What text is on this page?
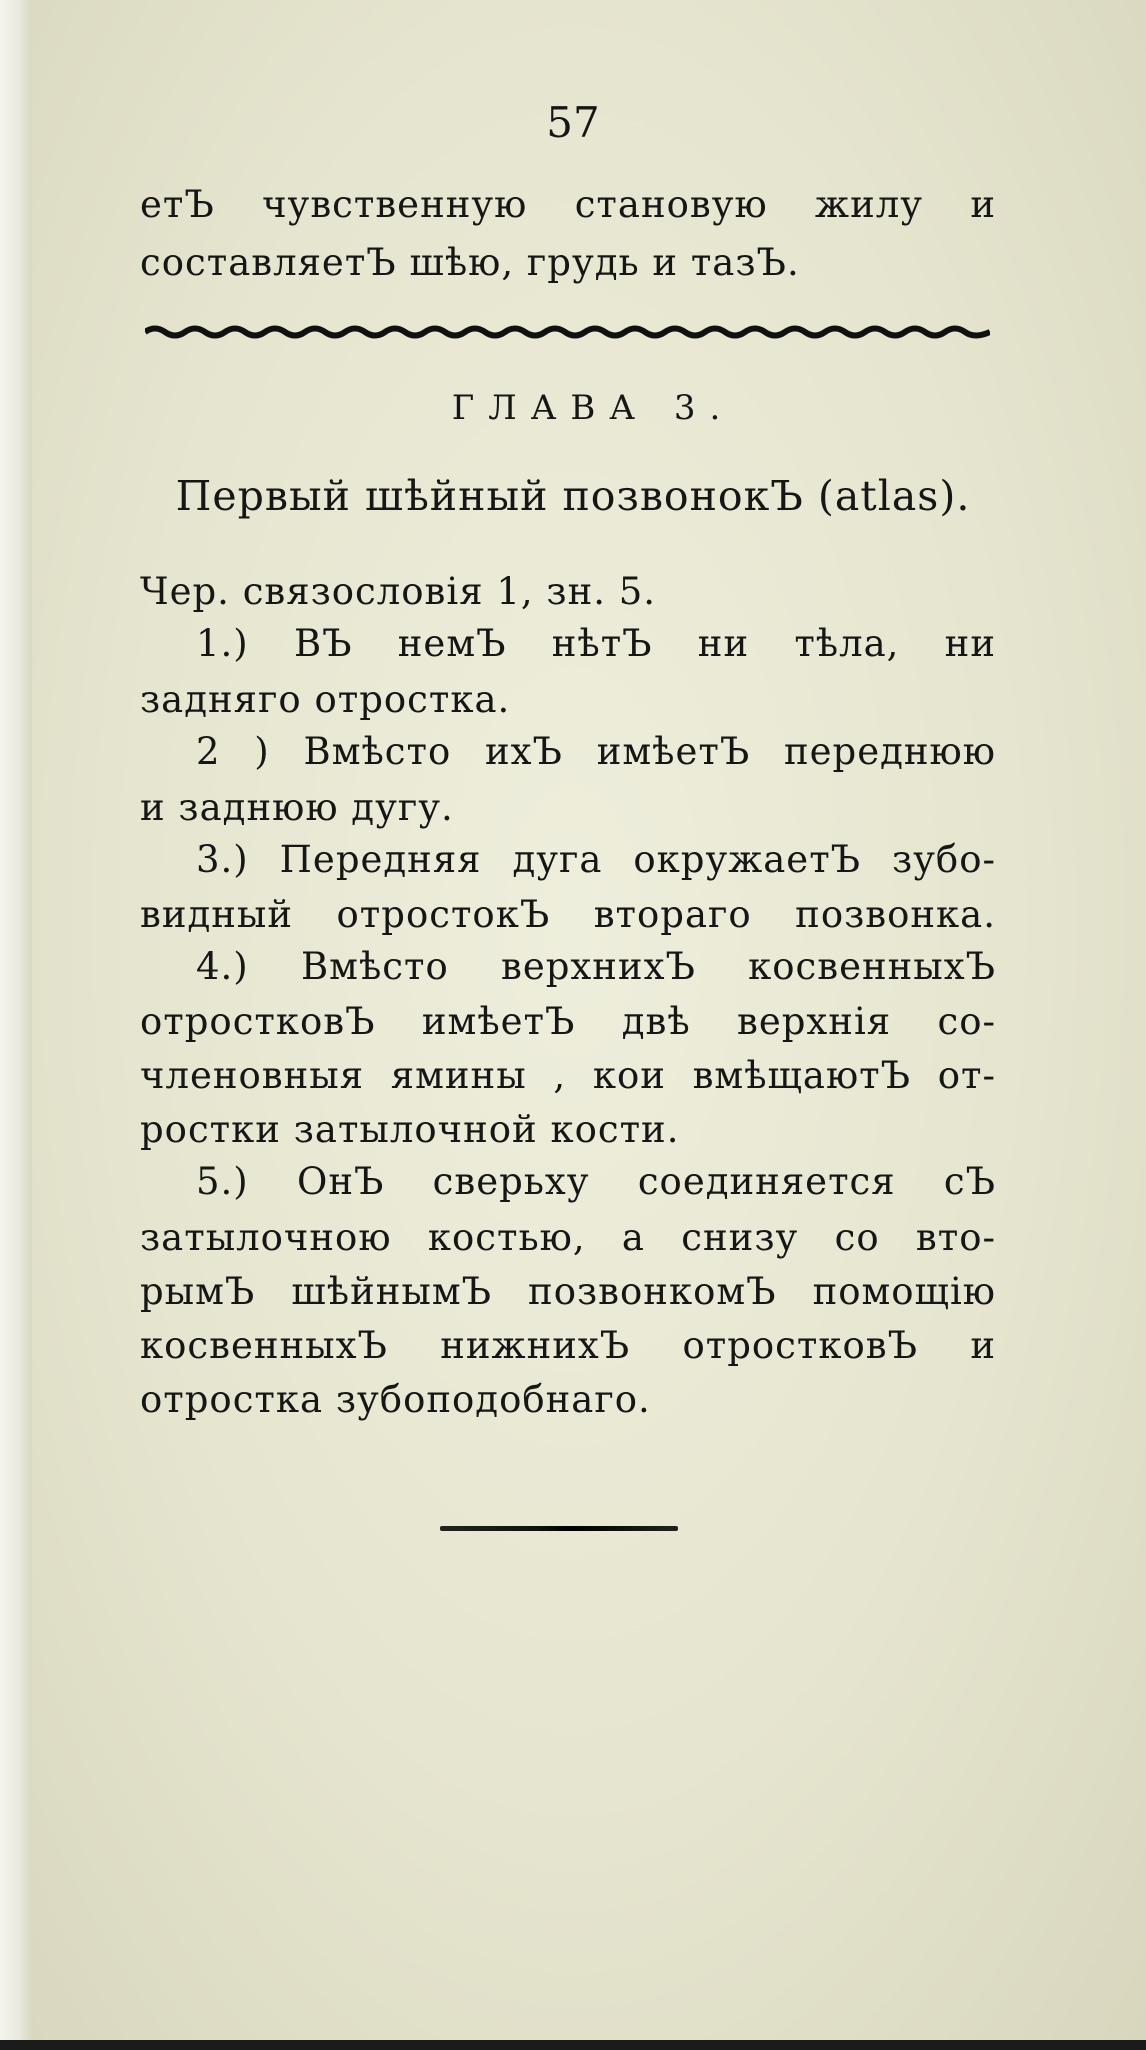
57
етЪ чувственную становую жилу и
составляетЪ шѣю, грудь и тазЪ.
ГЛАВА 3.
Первый шѣйный позвонокЪ (atlas).
Чер. связословія 1, зн. 5.
1.) ВЪ немЪ нѣтЪ ни тѣла, ни
задняго отростка.
2 ) Вмѣсто ихЪ имѣетЪ переднюю
и заднюю дугу.
3.) Передняя дуга окружаетЪ зубо-
видный отростокЪ втораго позвонка.
4.) Вмѣсто верхнихЪ косвенныхЪ
отростковЪ имѣетЪ двѣ верхнія со-
члeновныя ямины , кои вмѣщаютЪ от-
ростки затылочной кости.
5.) ОнЪ сверьху соединяется сЪ
затылочною костью, а снизу со вто-
рымЪ шѣйнымЪ позвонкомЪ помощію
косвенныхЪ нижнихЪ отростковЪ и
отростка зубоподобнаго.
